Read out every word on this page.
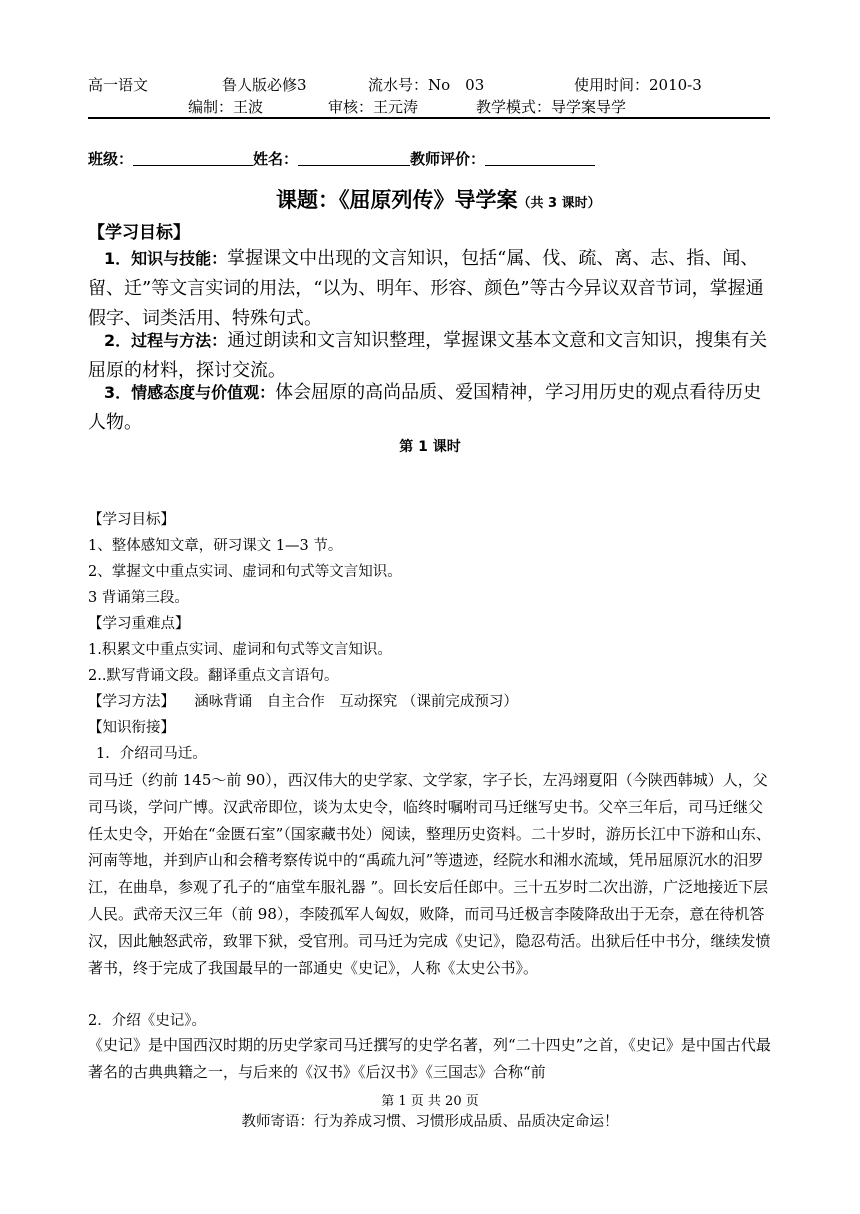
高一语文	鲁人版必修3	流水号：No　03	使用时间：2010-3
编制：王波	审核：王元涛	教学模式：导学案导学
班级：	姓名：	教师评价：
课题：《屈原列传》导学案（共 3 课时）
【学习目标】
1．知识与技能：掌握课文中出现的文言知识，包括“属、伐、疏、离、志、指、闻、留、迁”等文言实词的用法，“以为、明年、形容、颜色”等古今异议双音节词，掌握通假字、词类活用、特殊句式。
2．过程与方法：通过朗读和文言知识整理，掌握课文基本文意和文言知识，搜集有关屈原的材料，探讨交流。
3．情感态度与价值观：体会屈原的高尚品质、爱国精神，学习用历史的观点看待历史人物。
第 1 课时
【学习目标】
1、整体感知文章，研习课文 1—3 节。
2、掌握文中重点实词、虚词和句式等文言知识。
3 背诵第三段。
【学习重难点】
1.积累文中重点实词、虚词和句式等文言知识。
2..默写背诵文段。翻译重点文言语句。
【学习方法】　涵咏背诵　自主合作　互动探究 （课前完成预习）
【知识衔接】
1．介绍司马迁。
司马迁（约前 145～前 90），西汉伟大的史学家、文学家，字子长，左冯翊夏阳（今陕西韩城）人，父司马谈，学问广博。汉武帝即位，谈为太史令，临终时嘱咐司马迁继写史书。父卒三年后，司马迁继父任太史令，开始在“金匮石室”（国家藏书处）阅读，整理历史资料。二十岁时，游历长江中下游和山东、河南等地，并到庐山和会稽考察传说中的“禹疏九河”等遗迹，经院水和湘水流域，凭吊屈原沉水的汨罗江，在曲阜，参观了孔子的“庙堂车服礼器 ”。回长安后任郎中。三十五岁时二次出游，广泛地接近下层人民。武帝天汉三年（前 98），李陵孤军人匈奴，败降，而司马迁极言李陵降敌出于无奈，意在待机答汉，因此触怒武帝，致罪下狱，受官刑。司马迁为完成《史记》，隐忍苟活。出狱后任中书分，继续发愤著书，终于完成了我国最早的一部通史《史记》，人称《太史公书》。
2．介绍《史记》。
《史记》是中国西汉时期的历史学家司马迁撰写的史学名著，列“二十四史”之首，《史记》是中国古代最著名的古典典籍之一，与后来的《汉书》《后汉书》《三国志》合称“前
第 1 页 共 20 页
教师寄语：行为养成习惯、习惯形成品质、品质决定命运！
